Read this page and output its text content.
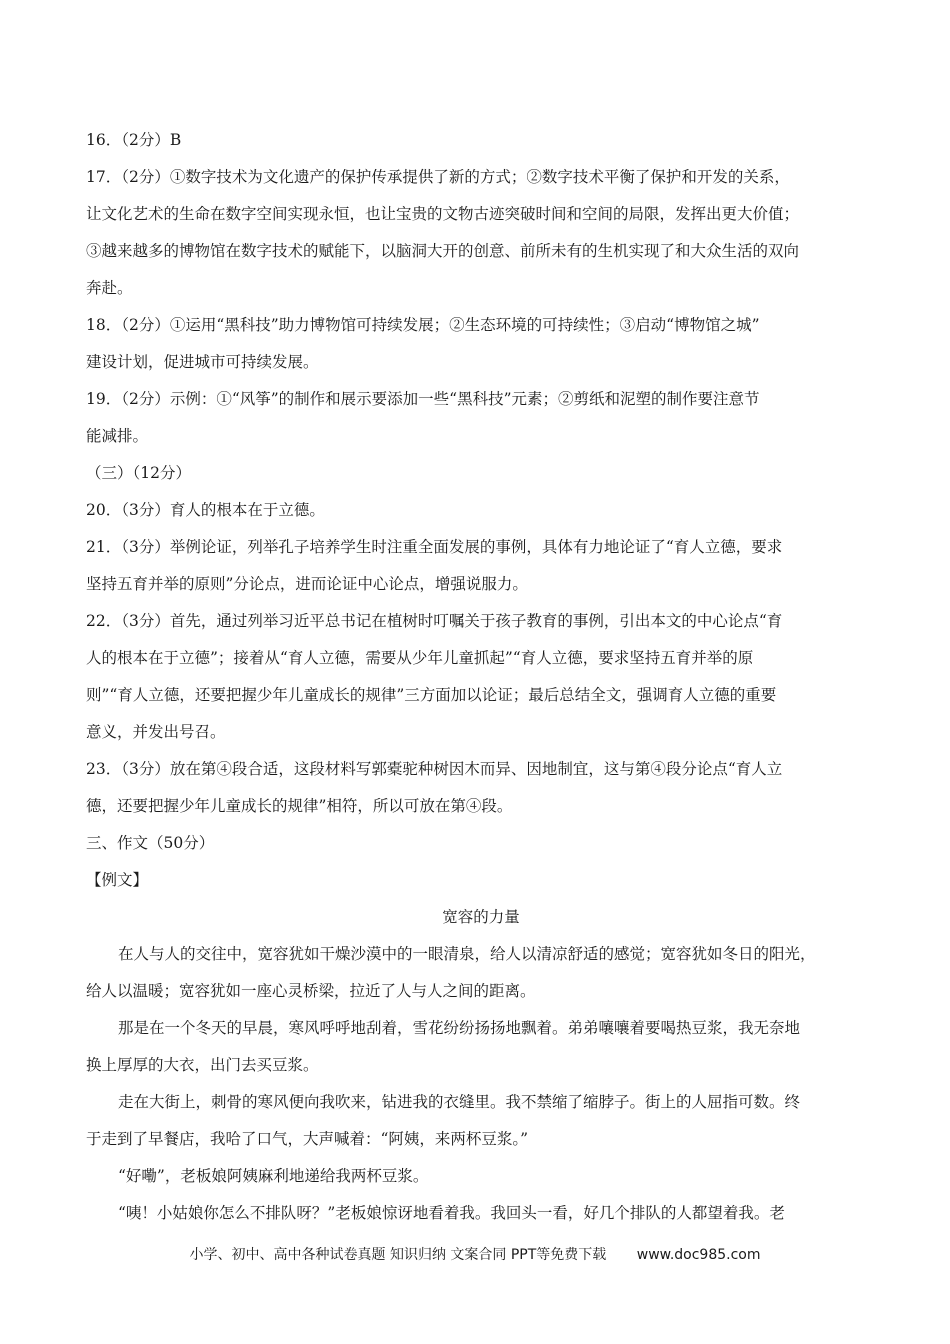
16．（2分）B
17．（2分）①数字技术为文化遗产的保护传承提供了新的方式；②数字技术平衡了保护和开发的关系，
让文化艺术的生命在数字空间实现永恒，也让宝贵的文物古迹突破时间和空间的局限，发挥出更大价值；
③越来越多的博物馆在数字技术的赋能下，以脑洞大开的创意、前所未有的生机实现了和大众生活的双向
奔赴。
18．（2分）①运用“黑科技”助力博物馆可持续发展；②生态环境的可持续性；③启动“博物馆之城”
建设计划，促进城市可持续发展。
19．（2分）示例：①“风筝”的制作和展示要添加一些“黑科技”元素；②剪纸和泥塑的制作要注意节
能减排。
（三）（12分）
20．（3分）育人的根本在于立德。
21．（3分）举例论证，列举孔子培养学生时注重全面发展的事例，具体有力地论证了“育人立德，要求
坚持五育并举的原则”分论点，进而论证中心论点，增强说服力。
22．（3分）首先，通过列举习近平总书记在植树时叮嘱关于孩子教育的事例，引出本文的中心论点“育
人的根本在于立德”；接着从“育人立德，需要从少年儿童抓起”“育人立德，要求坚持五育并举的原
则”“育人立德，还要把握少年儿童成长的规律”三方面加以论证；最后总结全文，强调育人立德的重要
意义，并发出号召。
23．（3分）放在第④段合适，这段材料写郭橐驼种树因木而异、因地制宜，这与第④段分论点“育人立
德，还要把握少年儿童成长的规律”相符，所以可放在第④段。
三、作文（50分）
【例文】
宽容的力量
在人与人的交往中，宽容犹如干燥沙漠中的一眼清泉，给人以清凉舒适的感觉；宽容犹如冬日的阳光，
给人以温暖；宽容犹如一座心灵桥梁，拉近了人与人之间的距离。
那是在一个冬天的早晨，寒风呼呼地刮着，雪花纷纷扬扬地飘着。弟弟嚷嚷着要喝热豆浆，我无奈地
换上厚厚的大衣，出门去买豆浆。
走在大街上，刺骨的寒风便向我吹来，钻进我的衣缝里。我不禁缩了缩脖子。街上的人屈指可数。终
于走到了早餐店，我哈了口气，大声喊着：“阿姨，来两杯豆浆。”
“好嘞”，老板娘阿姨麻利地递给我两杯豆浆。
“咦！小姑娘你怎么不排队呀？”老板娘惊讶地看着我。我回头一看，好几个排队的人都望着我。老
小学、初中、高中各种试卷真题 知识归纳 文案合同 PPT等免费下载 www.doc985.com
